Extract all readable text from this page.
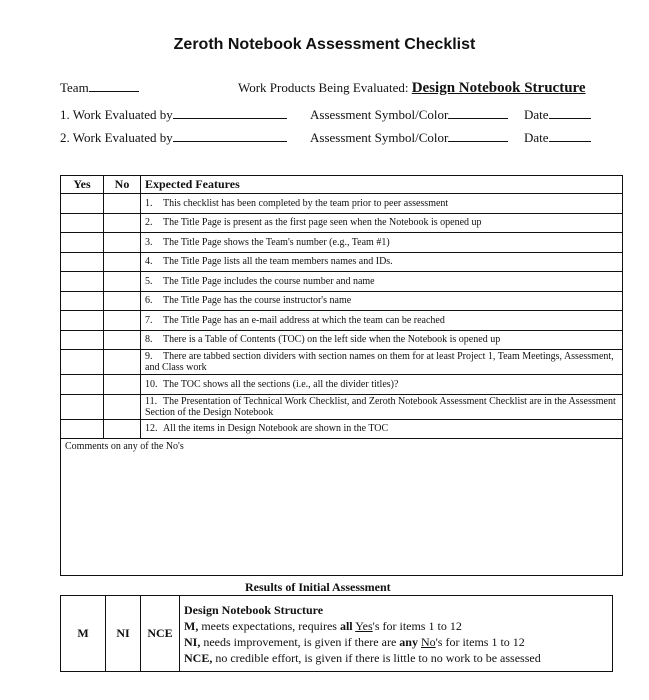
Zeroth Notebook Assessment Checklist
Team	Work Products Being Evaluated: Design Notebook Structure
1. Work Evaluated by	Assessment Symbol/Color	Date
2. Work Evaluated by	Assessment Symbol/Color	Date
Yes	No	Expected Features
		1. This checklist has been completed by the team prior to peer assessment
		2. The Title Page is present as the first page seen when the Notebook is opened up
		3. The Title Page shows the Team's number (e.g., Team #1)
		4. The Title Page lists all the team members names and IDs.
		5. The Title Page includes the course number and name
		6. The Title Page has the course instructor's name
		7. The Title Page has an e-mail address at which the team can be reached
		8. There is a Table of Contents (TOC) on the left side when the Notebook is opened up
		9. There are tabbed section dividers with section names on them for at least Project 1, Team Meetings, Assessment, and Class work
		10. The TOC shows all the sections (i.e., all the divider titles)?
		11. The Presentation of Technical Work Checklist, and Zeroth Notebook Assessment Checklist are in the Assessment Section of the Design Notebook
		12. All the items in Design Notebook are shown in the TOC
Comments on any of the No's		
Results of Initial Assessment
M	NI	NCE	
Design Notebook Structure
M, meets expectations, requires all Yes's for items 1 to 12
NI, needs improvement, is given if there are any No's for items 1 to 12
NCE, no credible effort, is given if there is little to no work to be assessed
